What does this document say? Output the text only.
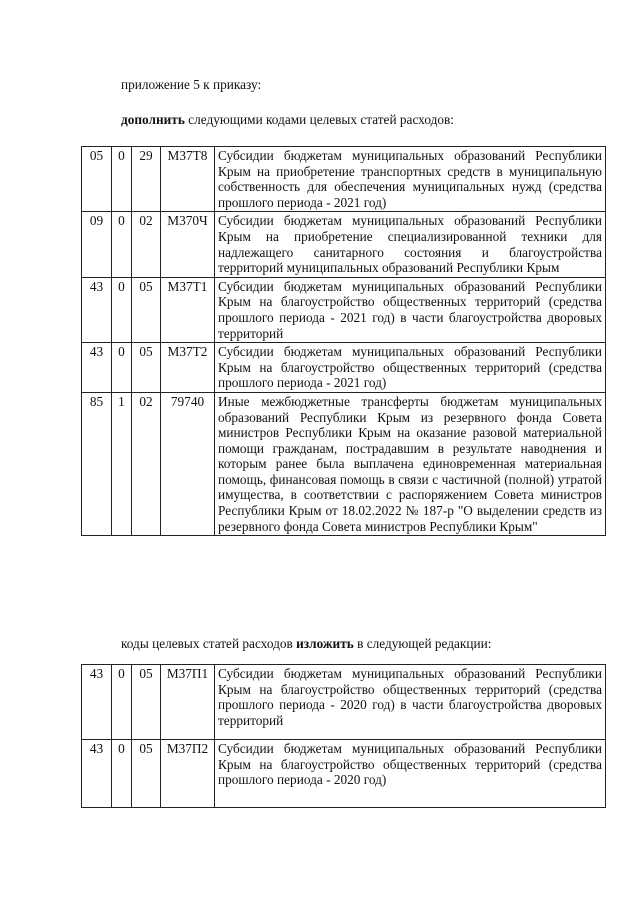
приложение 5 к приказу:
дополнить следующими кодами целевых статей расходов:
05	0	29	М37Т8	Субсидии бюджетам муниципальных образований Республики Крым на приобретение транспортных средств в муниципальную собственность для обеспечения муниципальных нужд (средства прошлого периода - 2021 год)
09	0	02	М370Ч	Субсидии бюджетам муниципальных образований Республики Крым на приобретение специализированной техники для надлежащего санитарного состояния и благоустройства территорий муниципальных образований Республики Крым
43	0	05	М37Т1	Субсидии бюджетам муниципальных образований Республики Крым на благоустройство общественных территорий (средства прошлого периода - 2021 год) в части благоустройства дворовых территорий
43	0	05	М37Т2	Субсидии бюджетам муниципальных образований Республики Крым на благоустройство общественных территорий (средства прошлого периода - 2021 год)
85	1	02	79740	Иные межбюджетные трансферты бюджетам муниципальных образований Республики Крым из резервного фонда Совета министров Республики Крым на оказание разовой материальной помощи гражданам, пострадавшим в результате наводнения и которым ранее была выплачена единовременная материальная помощь, финансовая помощь в связи с частичной (полной) утратой имущества, в соответствии с распоряжением Совета министров Республики Крым от 18.02.2022 № 187-р "О выделении средств из резервного фонда Совета министров Республики Крым"
коды целевых статей расходов изложить в следующей редакции:
43	0	05	М37П1	Субсидии бюджетам муниципальных образований Республики Крым на благоустройство общественных территорий (средства прошлого периода - 2020 год) в части благоустройства дворовых территорий
43	0	05	М37П2	Субсидии бюджетам муниципальных образований Республики Крым на благоустройство общественных территорий (средства прошлого периода - 2020 год)
